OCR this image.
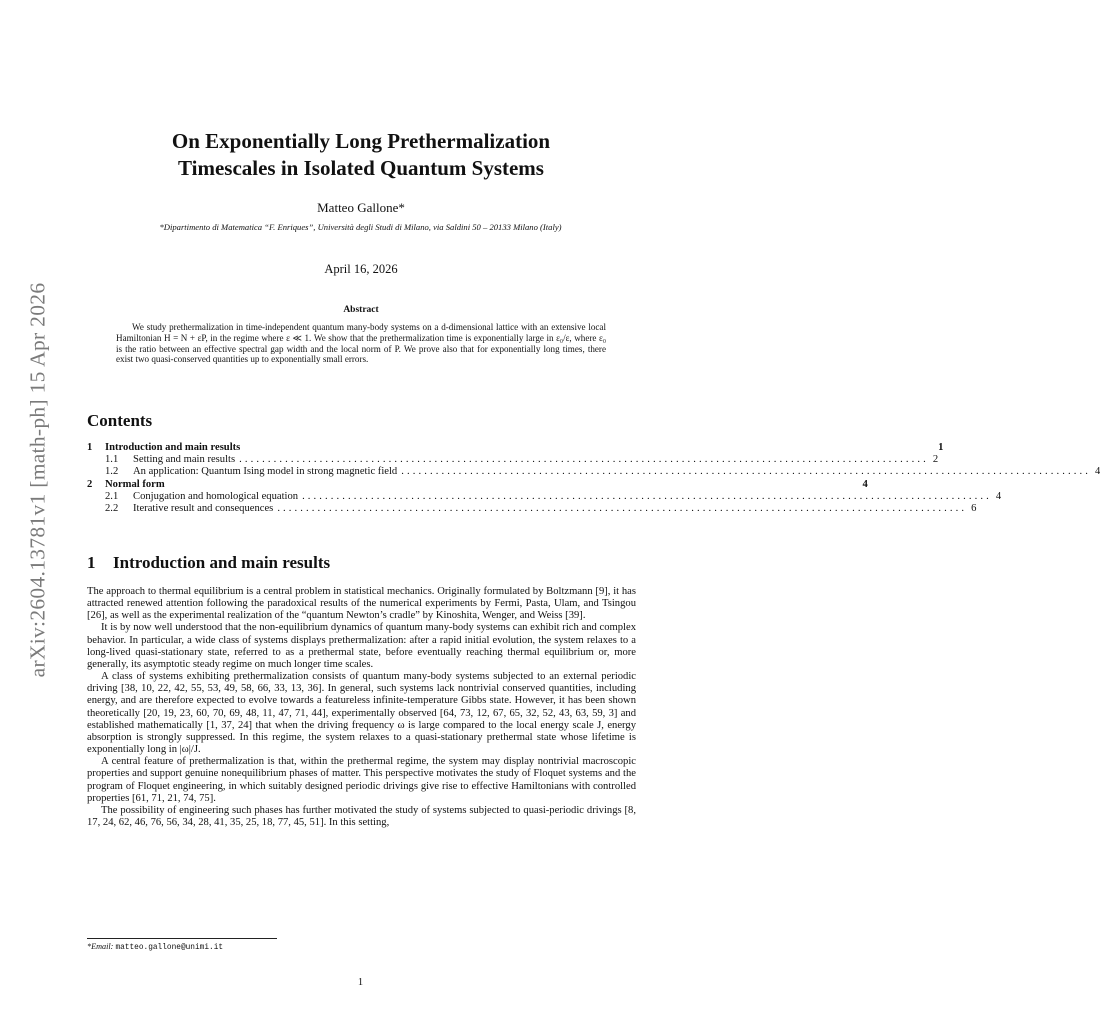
arXiv:2604.13781v1 [math-ph] 15 Apr 2026
On Exponentially Long Prethermalization
Timescales in Isolated Quantum Systems
Matteo Gallone*
*Dipartimento di Matematica “F. Enriques”, Università degli Studi di Milano, via Saldini 50 – 20133 Milano (Italy)
April 16, 2026
Abstract

We study prethermalization in time-independent quantum many-body systems on a d-dimensional lattice with an extensive local Hamiltonian H = N + εP, in the regime where ε ≪ 1. We show that the prethermalization time is exponentially large in ε₀/ε, where ε₀ is the ratio between an effective spectral gap width and the local norm of P. We prove also that for exponentially long times, there exist two quasi-conserved quantities up to exponentially small errors.

Contents
1	Introduction and main results	1
1.1	Setting and main results ........................................................................................................................ 2
1.2	An application: Quantum Ising model in strong magnetic field ........................................................................................................................ 4
2	Normal form	4
2.1	Conjugation and homological equation ........................................................................................................................ 4
2.2	Iterative result and consequences ........................................................................................................................ 6
1 Introduction and main results

The approach to thermal equilibrium is a central problem in statistical mechanics. Originally formulated by Boltzmann [9], it has attracted renewed attention following the paradoxical results of the numerical experiments by Fermi, Pasta, Ulam, and Tsingou [26], as well as the experimental realization of the “quantum Newton’s cradle” by Kinoshita, Wenger, and Weiss [39].

It is by now well understood that the non-equilibrium dynamics of quantum many-body systems can exhibit rich and complex behavior. In particular, a wide class of systems displays prethermalization: after a rapid initial evolution, the system relaxes to a long-lived quasi-stationary state, referred to as a prethermal state, before eventually reaching thermal equilibrium or, more generally, its asymptotic steady regime on much longer time scales.

A class of systems exhibiting prethermalization consists of quantum many-body systems subjected to an external periodic driving [38, 10, 22, 42, 55, 53, 49, 58, 66, 33, 13, 36]. In general, such systems lack nontrivial conserved quantities, including energy, and are therefore expected to evolve towards a featureless infinite-temperature Gibbs state. However, it has been shown theoretically [20, 19, 23, 60, 70, 69, 48, 11, 47, 71, 44], experimentally observed [64, 73, 12, 67, 65, 32, 52, 43, 63, 59, 3] and established mathematically [1, 37, 24] that when the driving frequency ω is large compared to the local energy scale J, energy absorption is strongly suppressed. In this regime, the system relaxes to a quasi-stationary prethermal state whose lifetime is exponentially long in |ω|/J.

A central feature of prethermalization is that, within the prethermal regime, the system may display nontrivial macroscopic properties and support genuine nonequilibrium phases of matter. This perspective motivates the study of Floquet systems and the program of Floquet engineering, in which suitably designed periodic drivings give rise to effective Hamiltonians with controlled properties [61, 71, 21, 74, 75].

The possibility of engineering such phases has further motivated the study of systems subjected to quasi-periodic drivings [8, 17, 24, 62, 46, 76, 56, 34, 28, 41, 35, 25, 18, 77, 45, 51]. In this setting,

*Email: matteo.gallone@unimi.it
1
